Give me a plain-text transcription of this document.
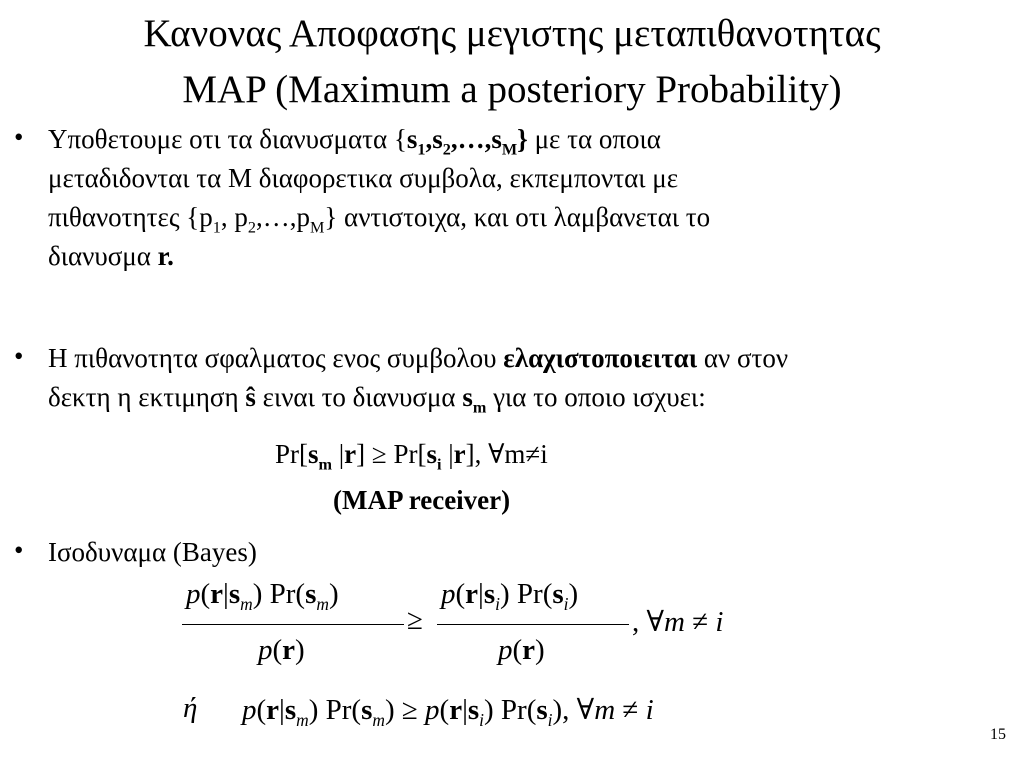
Κανονας Αποφασης μεγιστης μεταπιθανοτητας
MAP (Maximum a posteriory Probability)
• Υποθετουμε οτι τα διανυσματα $\{s_1,s_2,\dots,s_M\}$ με τα οποια
μεταδιδονται τα M διαφορετικα συμβολα, εκπεμπονται με
πιθανοτητες {$p_1$, $p_2,\dots,p_M$} αντιστοιχα, και οτι λαμβανεται το
διανυσμα r.
• Η πιθανοτητα σφαλματος ενος συμβολου ελαχιστοποιειται αν στον
δεκτη η εκτιμηση ŝ ειναι το διανυσμα $s_m$ για το οποιο ισχυει:
$Pr[s_m$ $|r] \ge Pr[s_i$ |r], ∀m≠i
(MAP receiver)
• Ισοδυναμα (Bayes)
$p(r|s_m)$ $Pr(s_m)$
p(r)
≥
$p(r|s_i)$ $Pr(s_i)$
p(r)
, ∀m ≠ i
ή $p(r|s_m) Pr(s_m) \ge p(r|s_i)$ $Pr(s_i)$, ∀m ≠ i
15
